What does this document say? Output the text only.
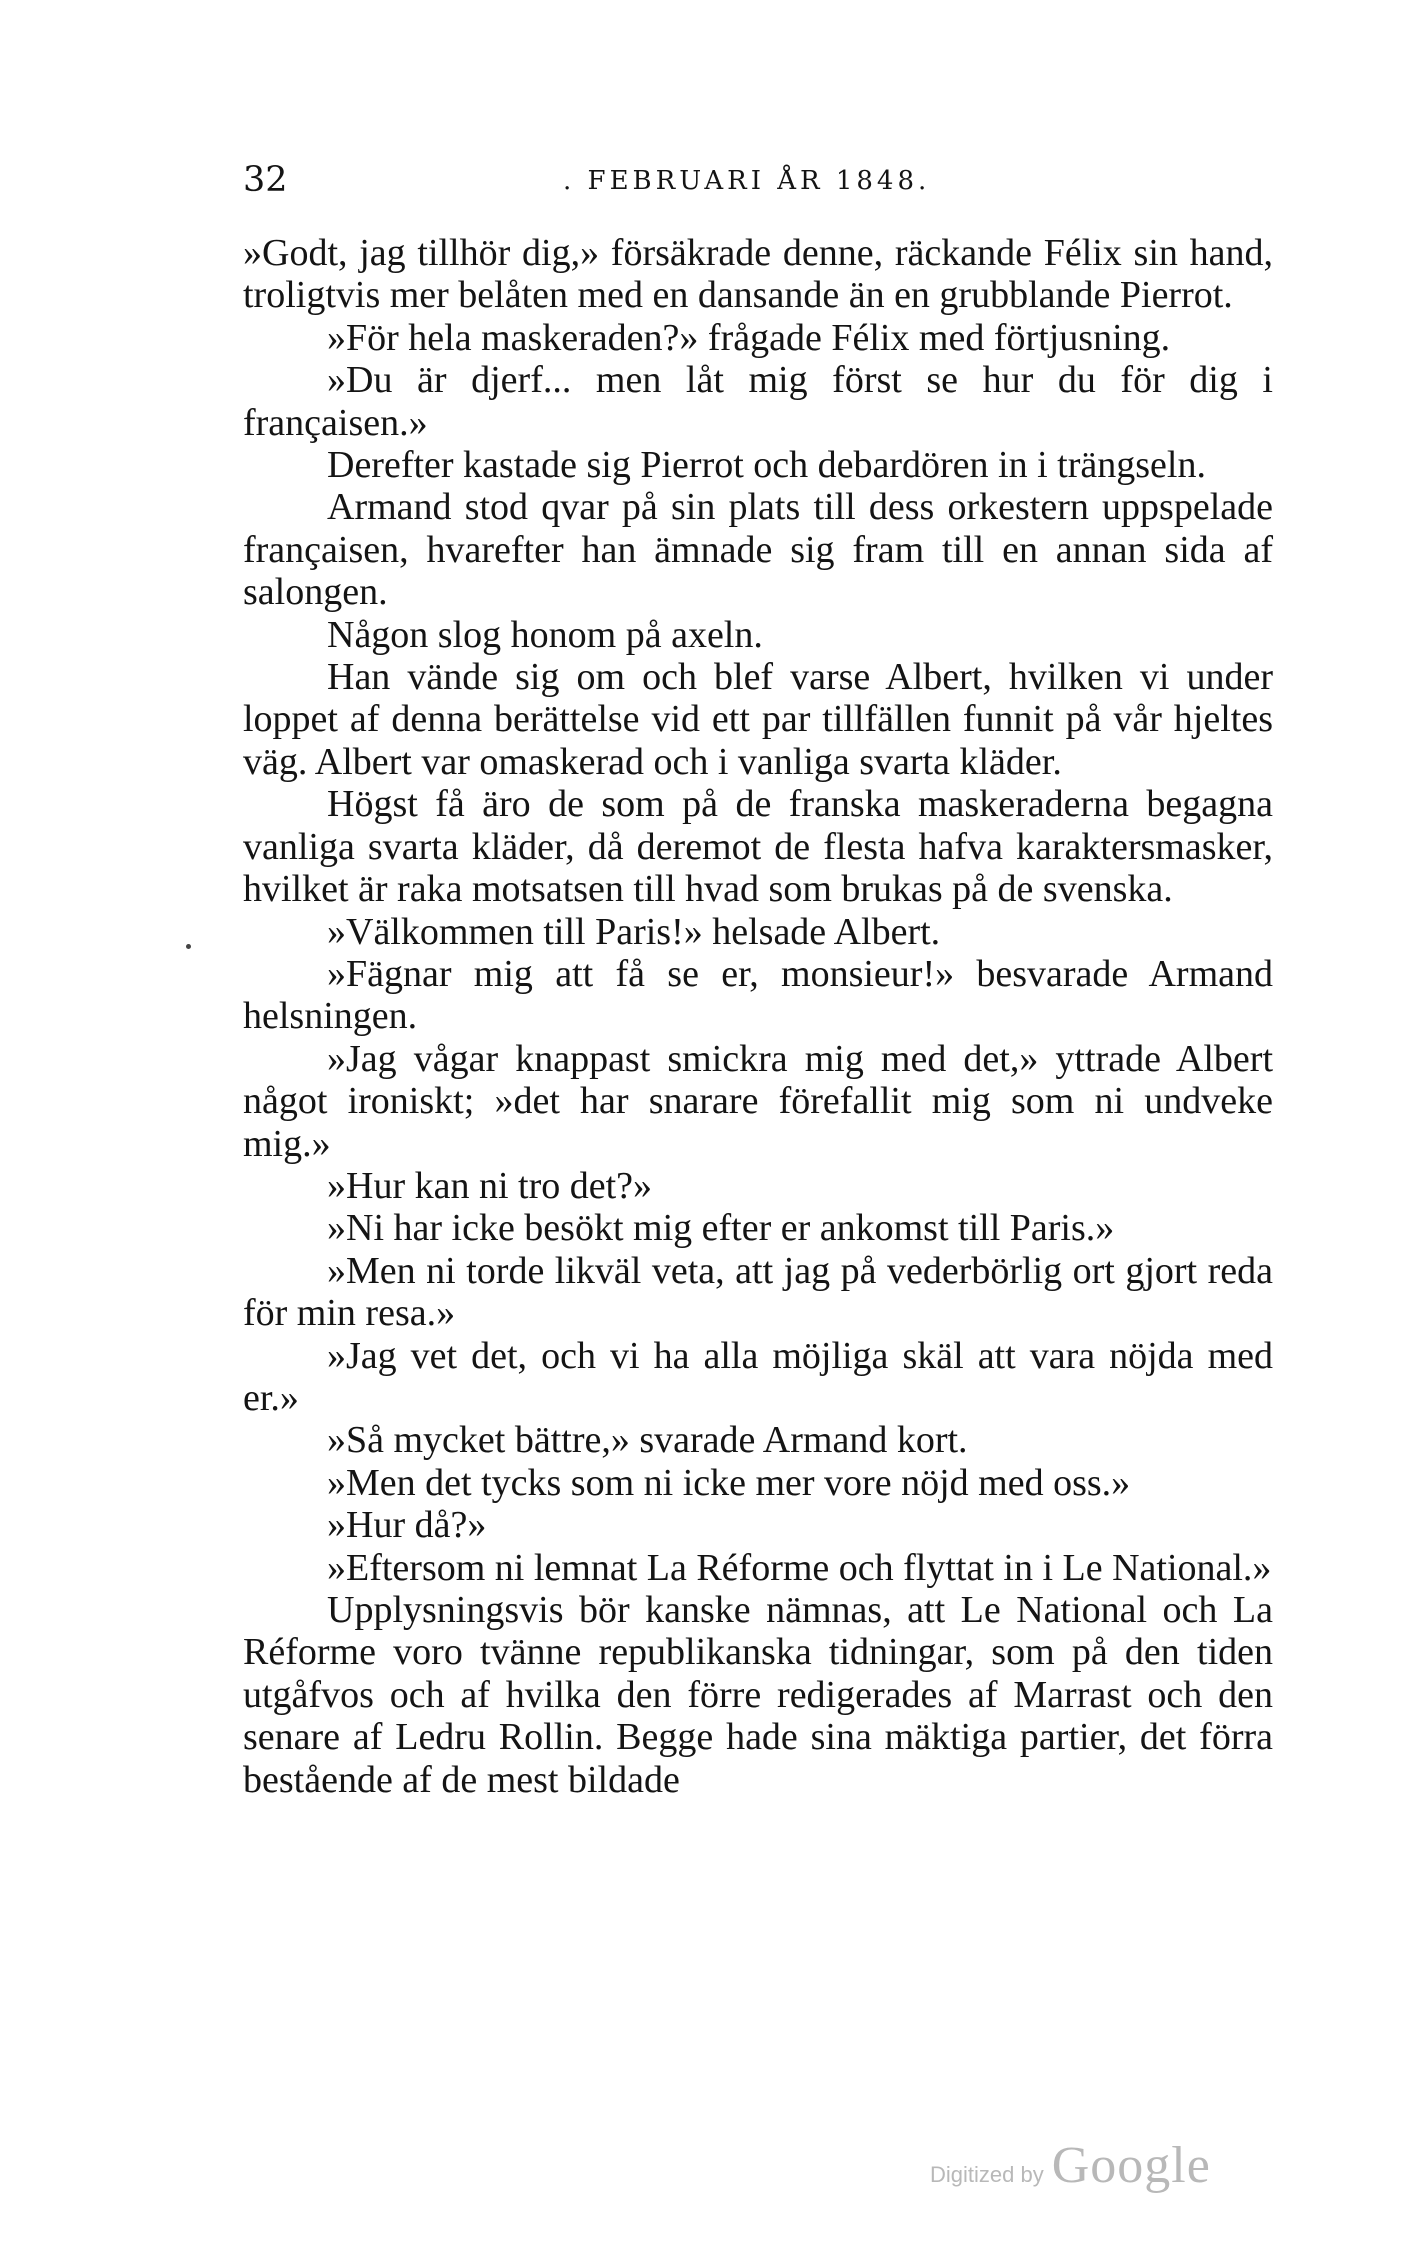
32	. FEBRUARI ÅR 1848.

»Godt, jag tillhör dig,» försäkrade denne, räckande Félix sin hand, troligtvis mer belåten med en dansande än en grubblande Pierrot.

»För hela maskeraden?» frågade Félix med förtjusning.

»Du är djerf... men låt mig först se hur du för dig i françaisen.»

Derefter kastade sig Pierrot och debardören in i trängseln.

Armand stod qvar på sin plats till dess orkestern uppspelade françaisen, hvarefter han ämnade sig fram till en annan sida af salongen.

Någon slog honom på axeln.

Han vände sig om och blef varse Albert, hvilken vi under loppet af denna berättelse vid ett par tillfällen funnit på vår hjeltes väg. Albert var omaskerad och i vanliga svarta kläder.

Högst få äro de som på de franska maskeraderna begagna vanliga svarta kläder, då deremot de flesta hafva karaktersmasker, hvilket är raka motsatsen till hvad som brukas på de svenska.

»Välkommen till Paris!» helsade Albert.

»Fägnar mig att få se er, monsieur!» besvarade Armand helsningen.

»Jag vågar knappast smickra mig med det,» yttrade Albert något ironiskt; »det har snarare förefallit mig som ni undveke mig.»

»Hur kan ni tro det?»

»Ni har icke besökt mig efter er ankomst till Paris.»

»Men ni torde likväl veta, att jag på vederbörlig ort gjort reda för min resa.»

»Jag vet det, och vi ha alla möjliga skäl att vara nöjda med er.»

»Så mycket bättre,» svarade Armand kort.

»Men det tycks som ni icke mer vore nöjd med oss.»

»Hur då?»

»Eftersom ni lemnat La Réforme och flyttat in i Le National.»

Upplysningsvis bör kanske nämnas, att Le National och La Réforme voro tvänne republikanska tidningar, som på den tiden utgåfvos och af hvilka den förre redigerades af Marrast och den senare af Ledru Rollin. Begge hade sina mäktiga partier, det förra bestående af de mest bildade

Digitized by Google
